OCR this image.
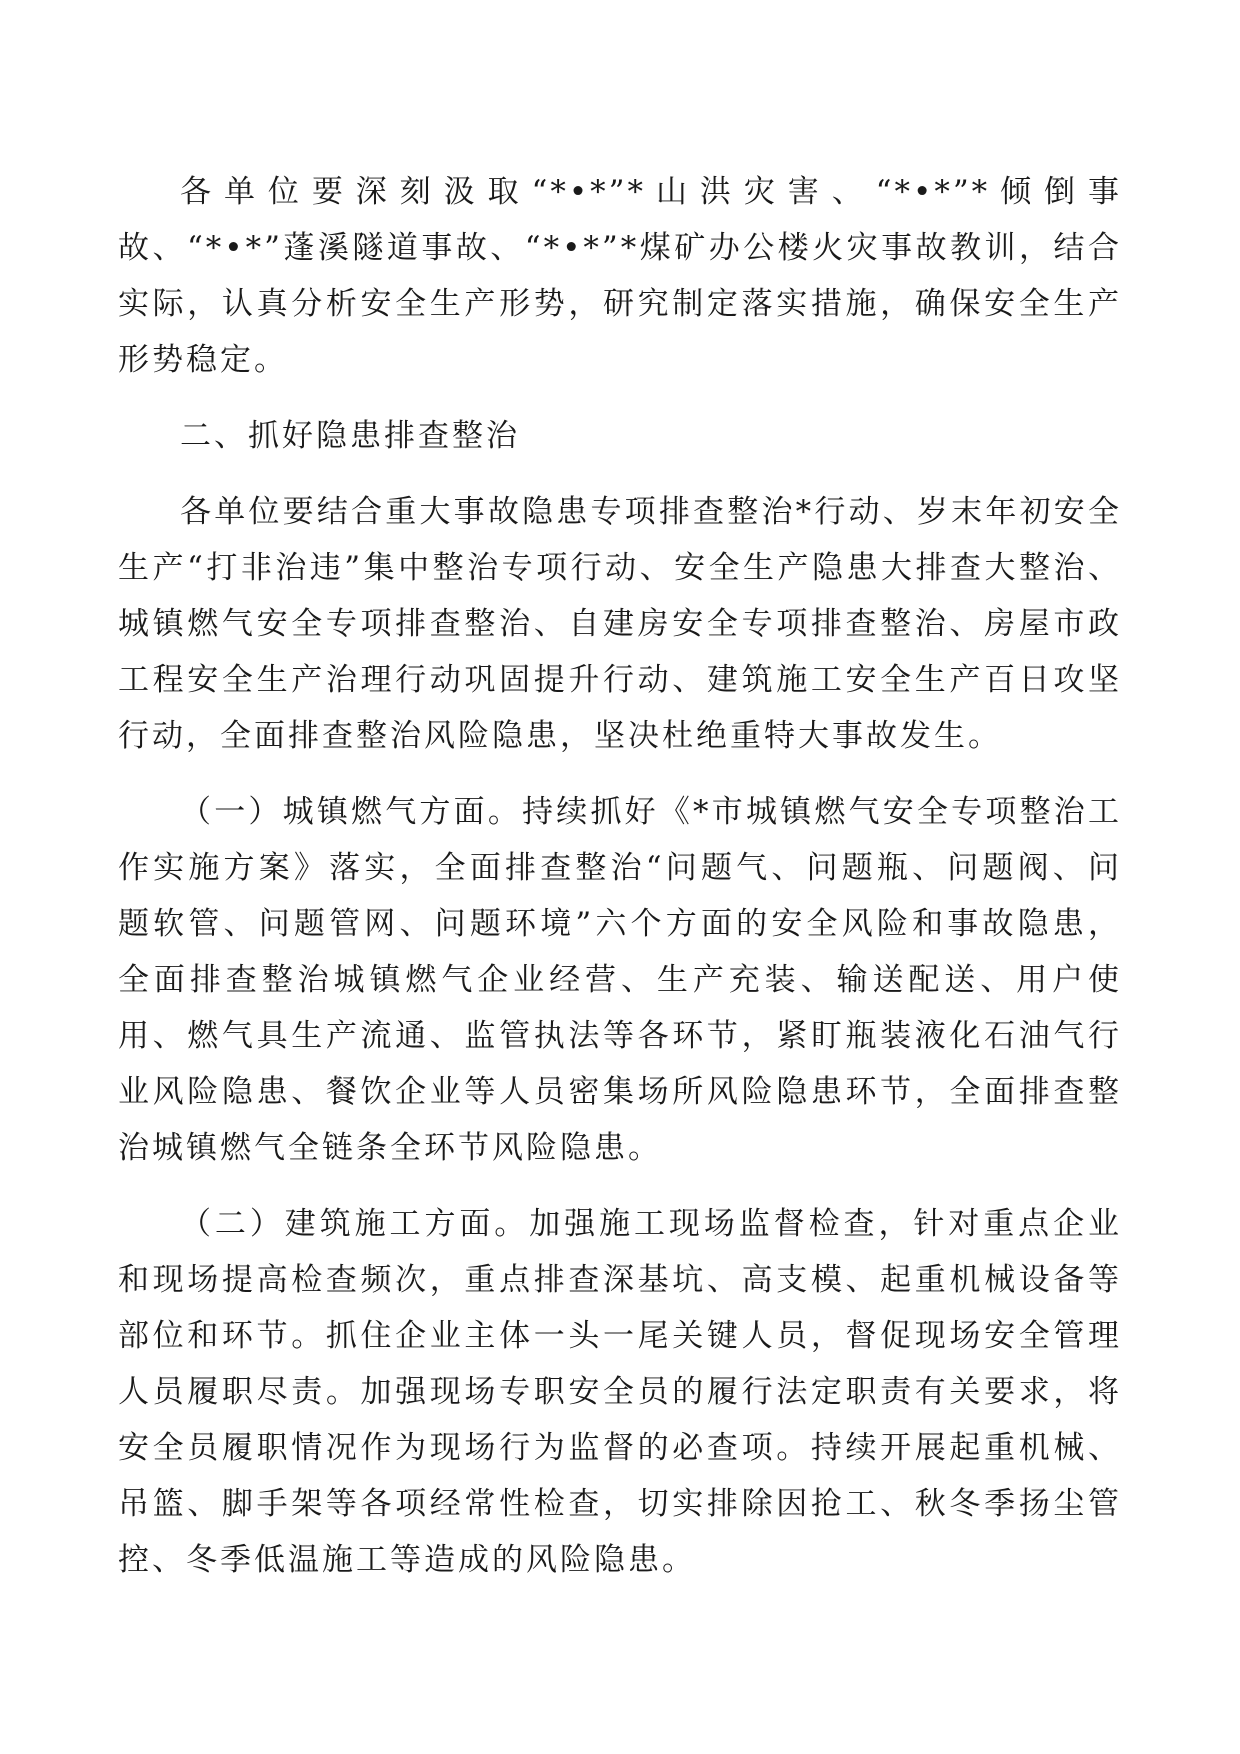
各单位要深刻汲取“*•*”*山洪灾害、“*•*”*倾倒事故、“*•*”蓬溪隧道事故、“*•*”*煤矿办公楼火灾事故教训，结合实际，认真分析安全生产形势，研究制定落实措施，确保安全生产形势稳定。

二、抓好隐患排查整治

各单位要结合重大事故隐患专项排查整治*行动、岁末年初安全生产“打非治违”集中整治专项行动、安全生产隐患大排查大整治、城镇燃气安全专项排查整治、自建房安全专项排查整治、房屋市政工程安全生产治理行动巩固提升行动、建筑施工安全生产百日攻坚行动，全面排查整治风险隐患，坚决杜绝重特大事故发生。

（一）城镇燃气方面。持续抓好《*市城镇燃气安全专项整治工作实施方案》落实，全面排查整治“问题气、问题瓶、问题阀、问题软管、问题管网、问题环境”六个方面的安全风险和事故隐患，全面排查整治城镇燃气企业经营、生产充装、输送配送、用户使用、燃气具生产流通、监管执法等各环节，紧盯瓶装液化石油气行业风险隐患、餐饮企业等人员密集场所风险隐患环节，全面排查整治城镇燃气全链条全环节风险隐患。

（二）建筑施工方面。加强施工现场监督检查，针对重点企业和现场提高检查频次，重点排查深基坑、高支模、起重机械设备等部位和环节。抓住企业主体一头一尾关键人员，督促现场安全管理人员履职尽责。加强现场专职安全员的履行法定职责有关要求，将安全员履职情况作为现场行为监督的必查项。持续开展起重机械、吊篮、脚手架等各项经常性检查，切实排除因抢工、秋冬季扬尘管控、冬季低温施工等造成的风险隐患。
